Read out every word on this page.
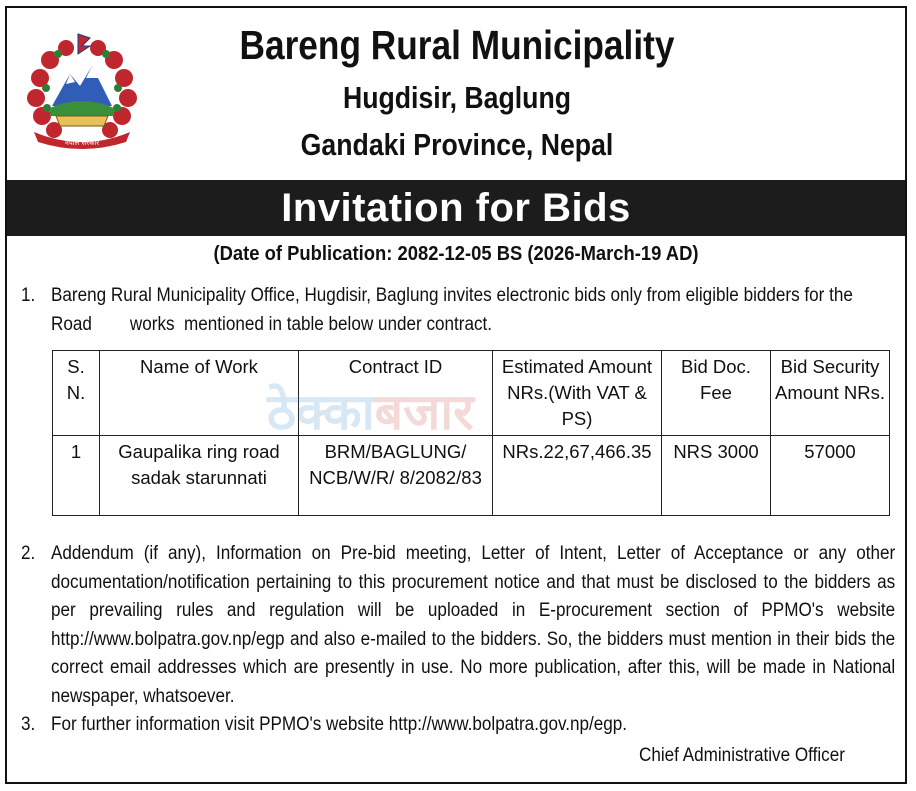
नेपाल सरकार
Bareng Rural Municipality
Hugdisir, Baglung
Gandaki Province, Nepal
Invitation for Bids
(Date of Publication: 2082-12-05 BS (2026-March-19 AD)
1. Bareng Rural Municipality Office, Hugdisir, Baglung invites electronic bids only from eligible bidders for the Road        works  mentioned in table below under contract.
S. N.	Name of Work	Contract ID	Estimated Amount NRs.(With VAT & PS)	Bid Doc. Fee	Bid Security Amount NRs.
1	Gaupalika ring road sadak starunnati	BRM/BAGLUNG/ NCB/W/R/ 8/2082/83	NRs.22,67,466.35	NRS 3000	57000
ठेक्काबजार
2. Addendum (if any), Information on Pre-bid meeting, Letter of Intent, Letter of Acceptance or any other documentation/notification pertaining to this procurement notice and that must be disclosed to the bidders as per prevailing rules and regulation will be uploaded in E-procurement section of PPMO's website http://www.bolpatra.gov.np/egp and also e-mailed to the bidders. So, the bidders must mention in their bids the correct email addresses which are presently in use. No more publication, after this, will be made in National newspaper, whatsoever.
3. For further information visit PPMO's website http://www.bolpatra.gov.np/egp.
Chief Administrative Officer
